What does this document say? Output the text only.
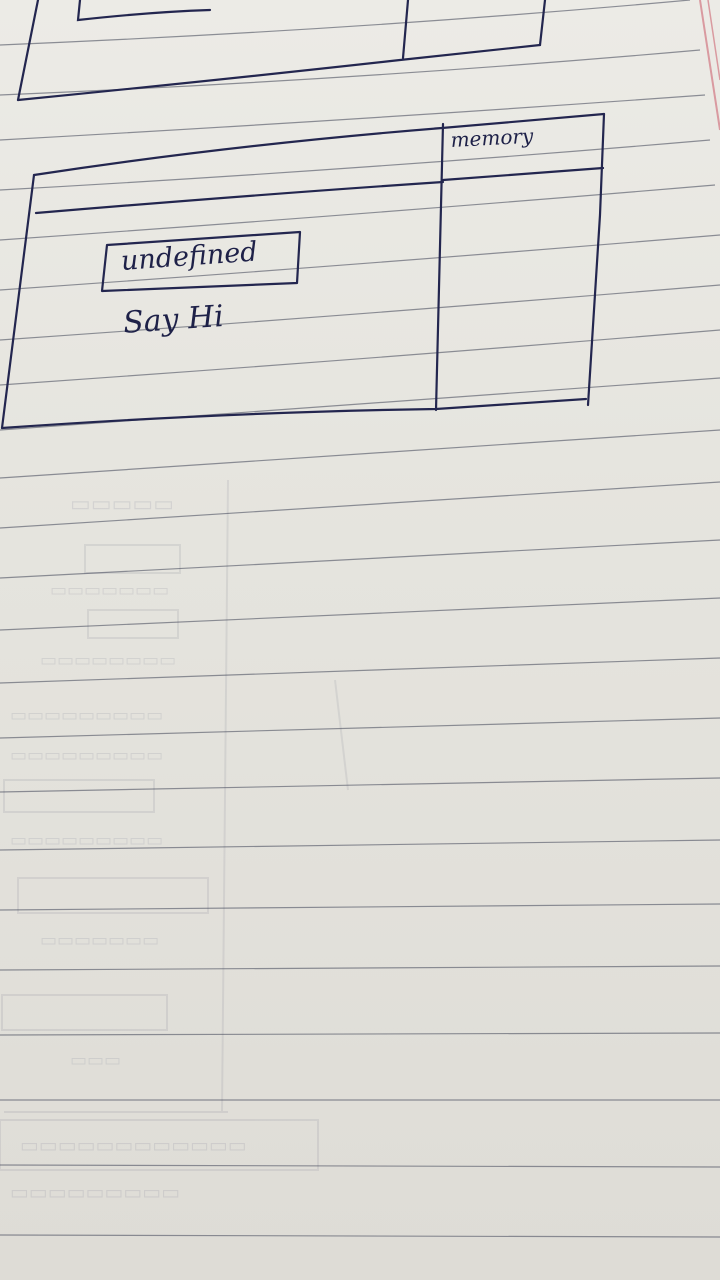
▭▭▭▭▭
▭▭▭▭▭▭▭
▭▭▭▭▭▭▭▭
▭▭▭▭▭▭▭▭▭
▭▭▭▭▭▭▭▭▭
▭▭▭▭▭▭▭▭▭
▭▭▭▭▭▭▭
▭▭▭
▭▭▭▭▭▭▭▭▭▭▭▭
▭▭▭▭▭▭▭▭▭
memory
undefined
Say Hi
